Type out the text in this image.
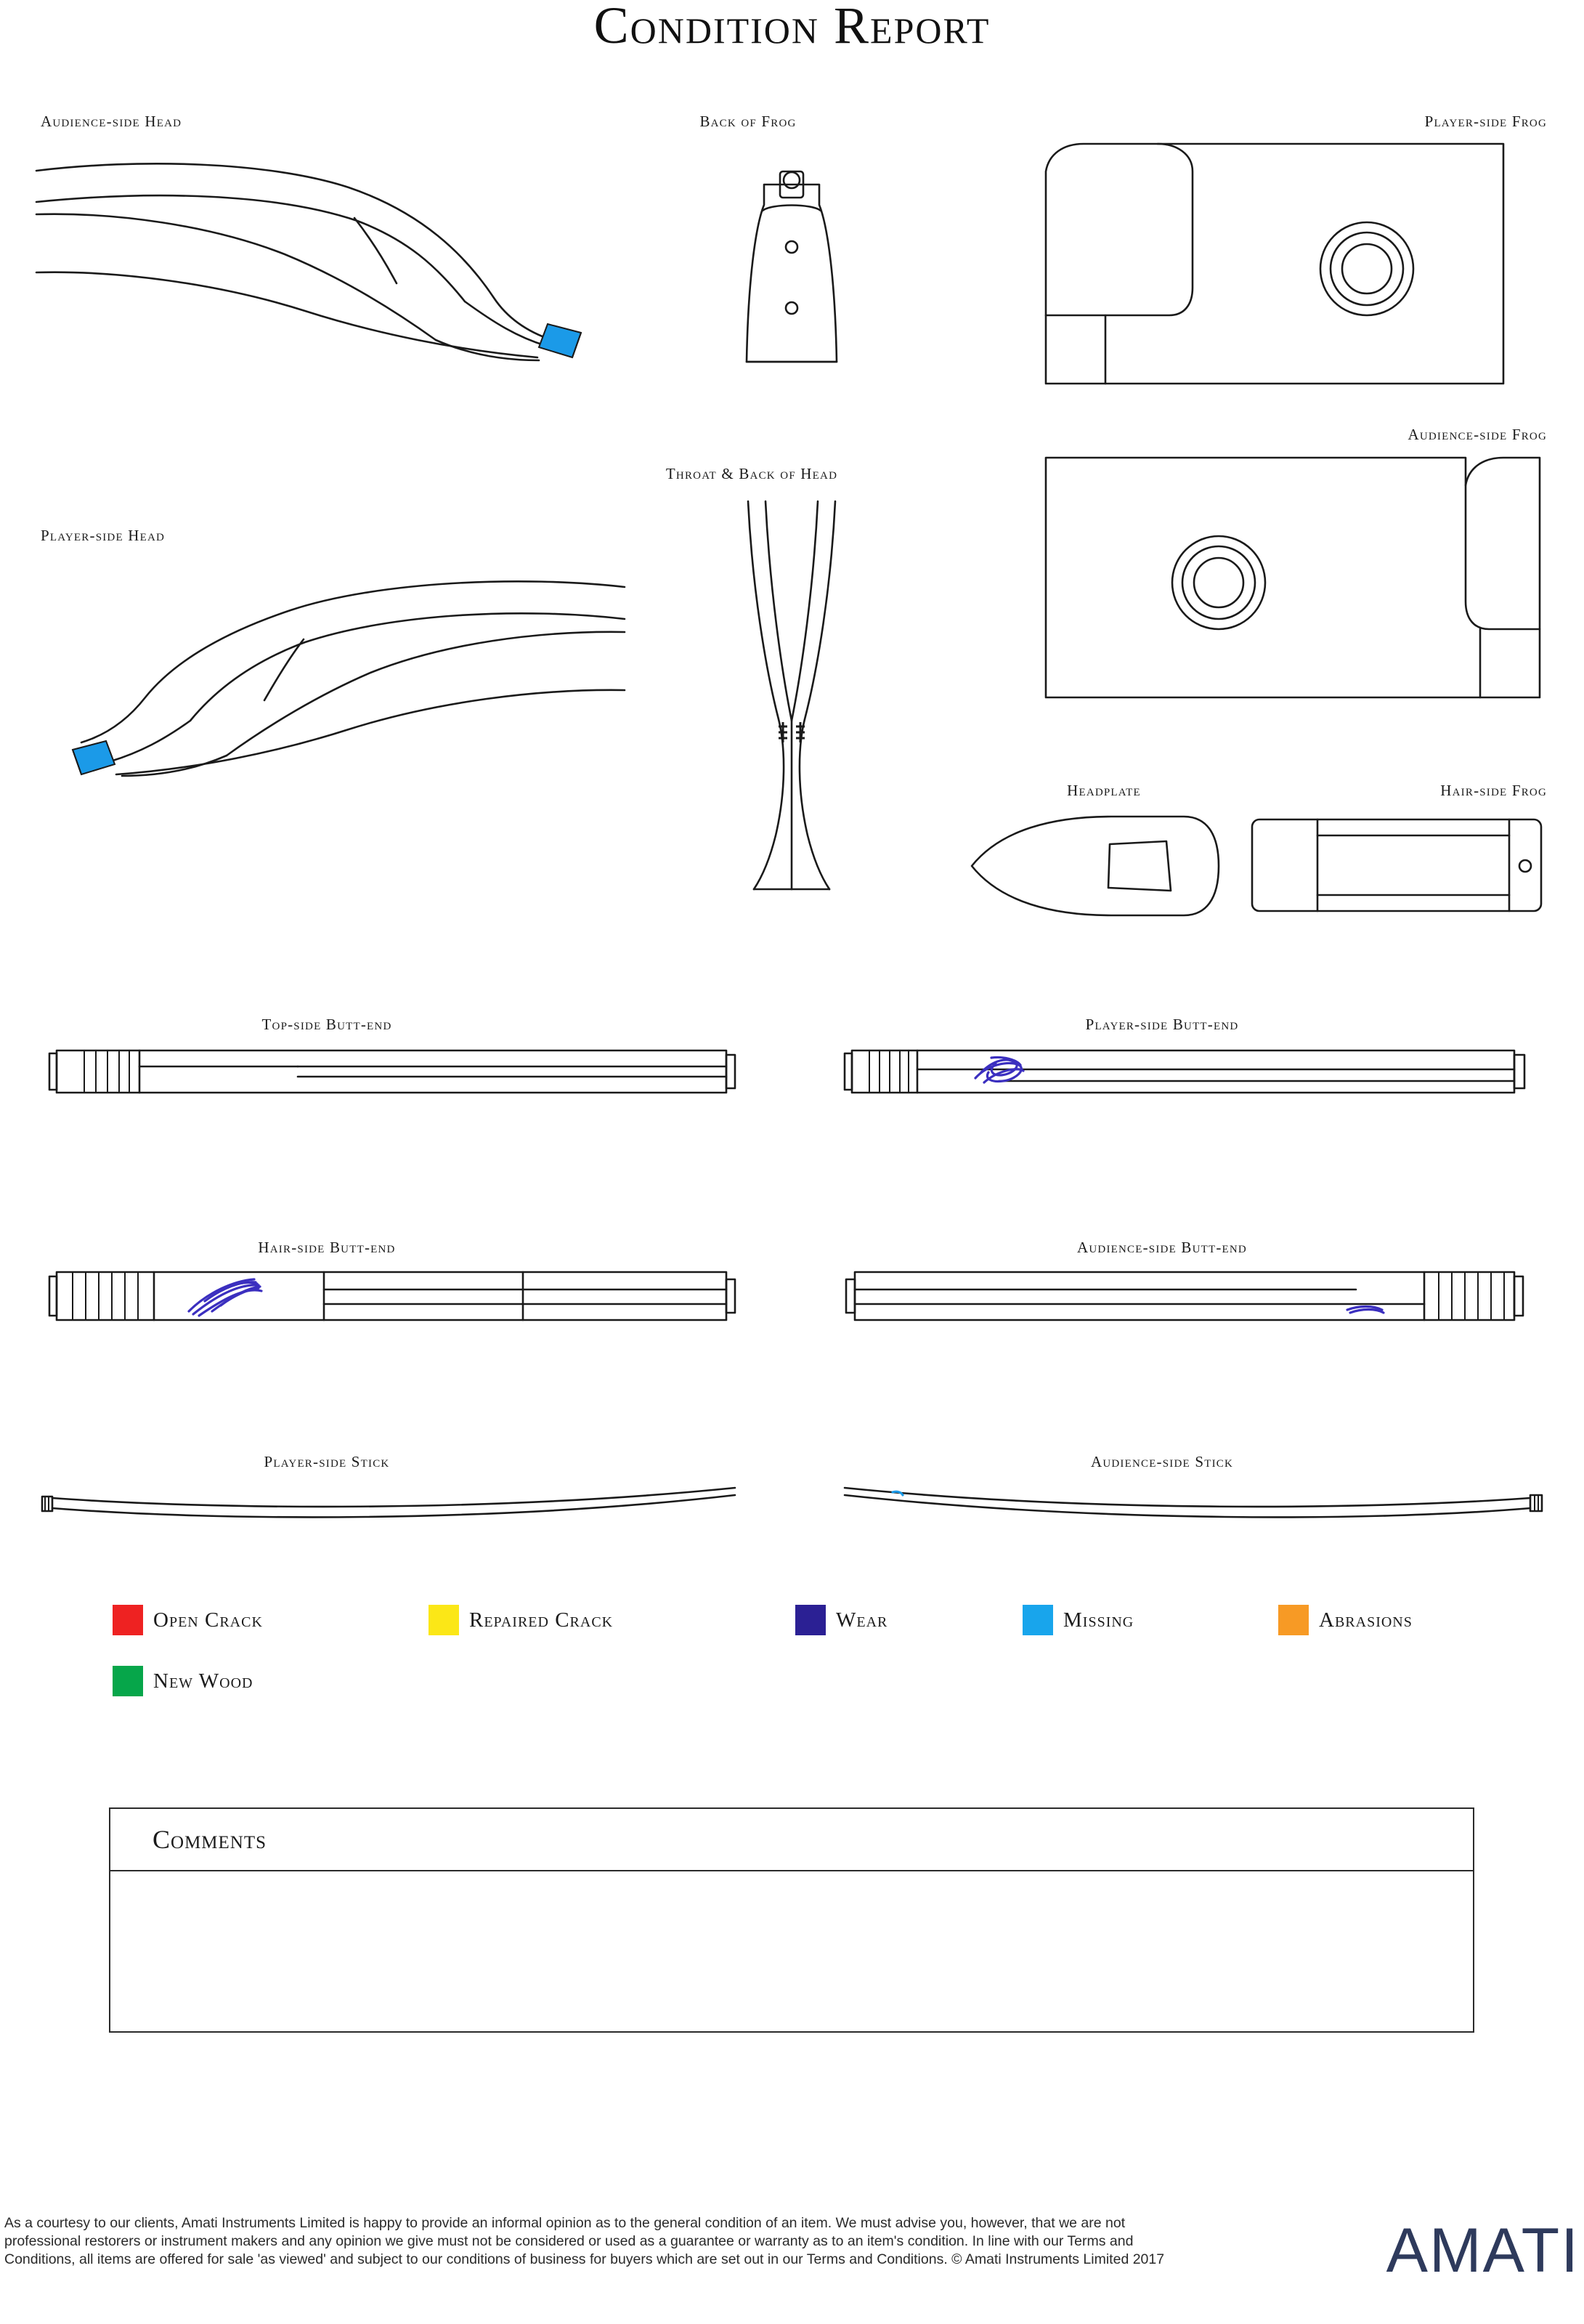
Condition Report
Audience-side Head	Back of Frog	Player-side Frog
Audience-side Frog
Player-side Head
Throat & Back of Head
Headplate	Hair-side Frog
Top-side Butt-end	Player-side Butt-end
Hair-side Butt-end	Audience-side Butt-end
Player-side Stick	Audience-side Stick
Open Crack	Repaired Crack	Wear	Missing	Abrasions
New Wood
Comments

As a courtesy to our clients, Amati Instruments Limited is happy to provide an informal opinion as to the general condition of an item. We must advise you, however, that we are not professional restorers or instrument makers and any opinion we give must not be considered or used as a guarantee or warranty as to an item's condition. In line with our Terms and Conditions, all items are offered for sale 'as viewed' and subject to our conditions of business for buyers which are set out in our Terms and Conditions. © Amati Instruments Limited 2017	AMATI
